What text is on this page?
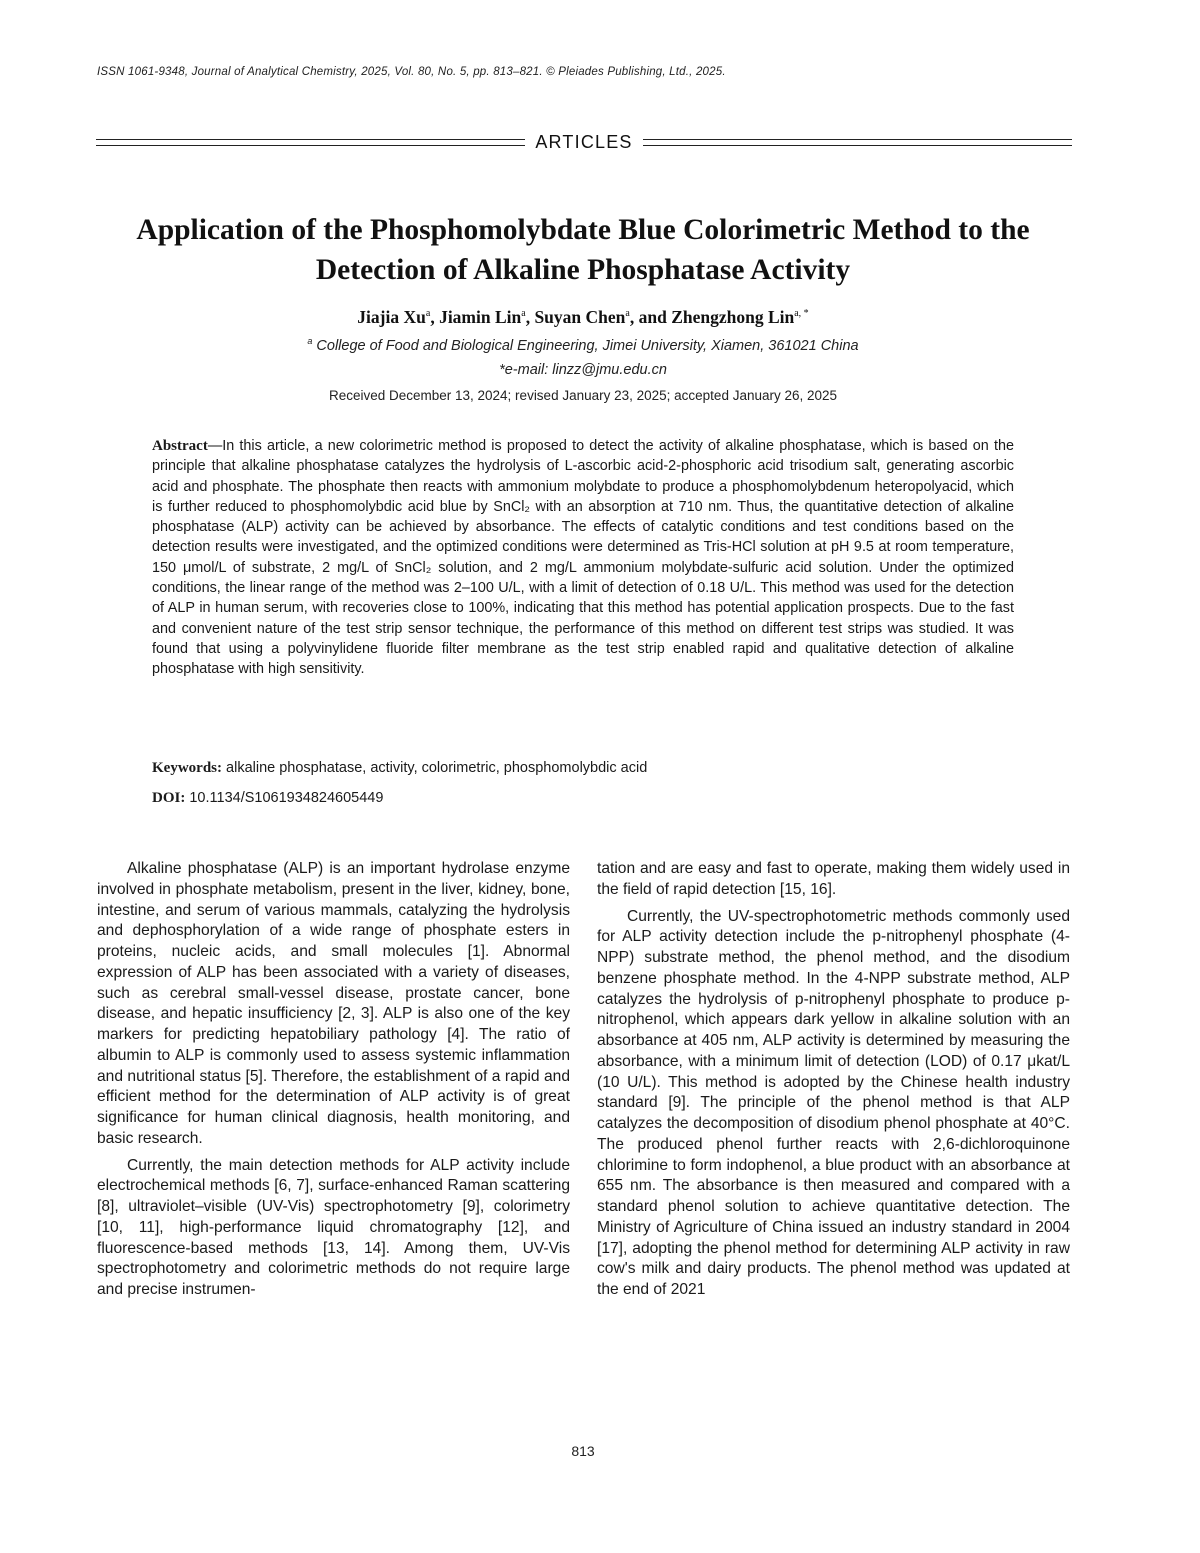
ISSN 1061-9348, Journal of Analytical Chemistry, 2025, Vol. 80, No. 5, pp. 813–821. © Pleiades Publishing, Ltd., 2025.
ARTICLES
Application of the Phosphomolybdate Blue Colorimetric Method to the Detection of Alkaline Phosphatase Activity
Jiajia Xu$^a$, Jiamin Lin$^a$, Suyan Chen$^a$, and Zhengzhong Lin$^{a, *}$
$^a$ College of Food and Biological Engineering, Jimei University, Xiamen, 361021 China
*e-mail: linzz@jmu.edu.cn
Received December 13, 2024; revised January 23, 2025; accepted January 26, 2025
Abstract—In this article, a new colorimetric method is proposed to detect the activity of alkaline phosphatase, which is based on the principle that alkaline phosphatase catalyzes the hydrolysis of L-ascorbic acid-2-phosphoric acid trisodium salt, generating ascorbic acid and phosphate. The phosphate then reacts with ammonium molybdate to produce a phosphomolybdenum heteropolyacid, which is further reduced to phosphomolybdic acid blue by SnCl₂ with an absorption at 710 nm. Thus, the quantitative detection of alkaline phosphatase (ALP) activity can be achieved by absorbance. The effects of catalytic conditions and test conditions based on the detection results were investigated, and the optimized conditions were determined as Tris-HCl solution at pH 9.5 at room temperature, 150 μmol/L of substrate, 2 mg/L of SnCl₂ solution, and 2 mg/L ammonium molybdate-sulfuric acid solution. Under the optimized conditions, the linear range of the method was 2–100 U/L, with a limit of detection of 0.18 U/L. This method was used for the detection of ALP in human serum, with recoveries close to 100%, indicating that this method has potential application prospects. Due to the fast and convenient nature of the test strip sensor technique, the performance of this method on different test strips was studied. It was found that using a polyvinylidene fluoride filter membrane as the test strip enabled rapid and qualitative detection of alkaline phosphatase with high sensitivity.
Keywords: alkaline phosphatase, activity, colorimetric, phosphomolybdic acid
DOI: 10.1134/S1061934824605449

Alkaline phosphatase (ALP) is an important hydrolase enzyme involved in phosphate metabolism, present in the liver, kidney, bone, intestine, and serum of various mammals, catalyzing the hydrolysis and dephosphorylation of a wide range of phosphate esters in proteins, nucleic acids, and small molecules [1]. Abnormal expression of ALP has been associated with a variety of diseases, such as cerebral small-vessel disease, prostate cancer, bone disease, and hepatic insufficiency [2, 3]. ALP is also one of the key markers for predicting hepatobiliary pathology [4]. The ratio of albumin to ALP is commonly used to assess systemic inflammation and nutritional status [5]. Therefore, the establishment of a rapid and efficient method for the determination of ALP activity is of great significance for human clinical diagnosis, health monitoring, and basic research.

Currently, the main detection methods for ALP activity include electrochemical methods [6, 7], surface-enhanced Raman scattering [8], ultraviolet–visible (UV-Vis) spectrophotometry [9], colorimetry [10, 11], high-performance liquid chromatography [12], and fluorescence-based methods [13, 14]. Among them, UV-Vis spectrophotometry and colorimetric methods do not require large and precise instrumen-

tation and are easy and fast to operate, making them widely used in the field of rapid detection [15, 16].

Currently, the UV-spectrophotometric methods commonly used for ALP activity detection include the p-nitrophenyl phosphate (4-NPP) substrate method, the phenol method, and the disodium benzene phosphate method. In the 4-NPP substrate method, ALP catalyzes the hydrolysis of p-nitrophenyl phosphate to produce p-nitrophenol, which appears dark yellow in alkaline solution with an absorbance at 405 nm, ALP activity is determined by measuring the absorbance, with a minimum limit of detection (LOD) of 0.17 μkat/L (10 U/L). This method is adopted by the Chinese health industry standard [9]. The principle of the phenol method is that ALP catalyzes the decomposition of disodium phenol phosphate at 40°C. The produced phenol further reacts with 2,6-dichloroquinone chlorimine to form indophenol, a blue product with an absorbance at 655 nm. The absorbance is then measured and compared with a standard phenol solution to achieve quantitative detection. The Ministry of Agriculture of China issued an industry standard in 2004 [17], adopting the phenol method for determining ALP activity in raw cow's milk and dairy products. The phenol method was updated at the end of 2021

813
